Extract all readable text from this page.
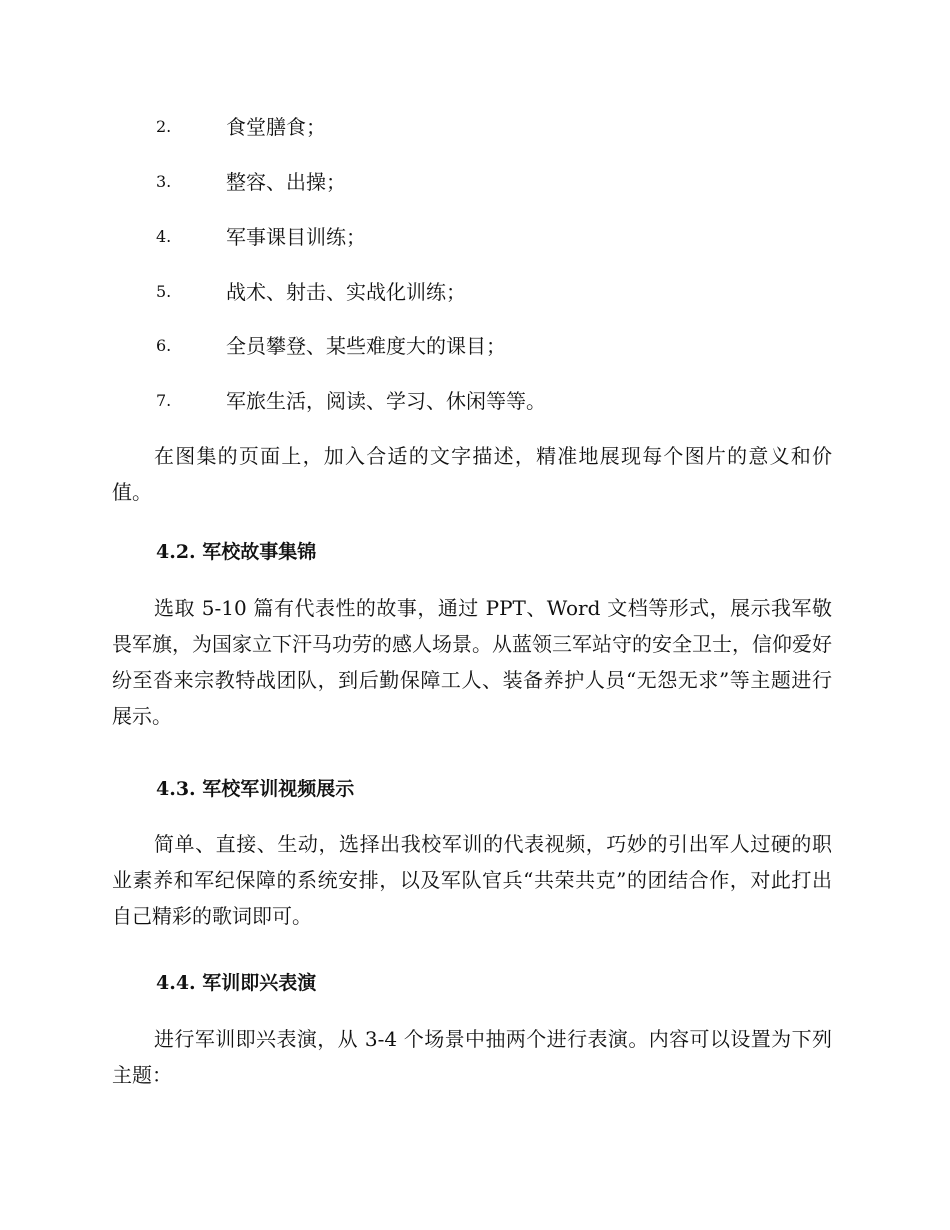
2.	食堂膳食；
3.	整容、出操；
4.	军事课目训练；
5.	战术、射击、实战化训练；
6.	全员攀登、某些难度大的课目；
7.	军旅生活，阅读、学习、休闲等等。

在图集的页面上，加入合适的文字描述，精准地展现每个图片的意义和价值。

4.2. 军校故事集锦

选取 5-10 篇有代表性的故事，通过 PPT、Word 文档等形式，展示我军敬畏军旗，为国家立下汗马功劳的感人场景。从蓝领三军站守的安全卫士，信仰爱好纷至沓来宗教特战团队，到后勤保障工人、装备养护人员“无怨无求”等主题进行展示。

4.3. 军校军训视频展示

简单、直接、生动，选择出我校军训的代表视频，巧妙的引出军人过硬的职业素养和军纪保障的系统安排，以及军队官兵“共荣共克”的团结合作，对此打出自己精彩的歌词即可。

4.4. 军训即兴表演

进行军训即兴表演，从 3-4 个场景中抽两个进行表演。内容可以设置为下列主题：
